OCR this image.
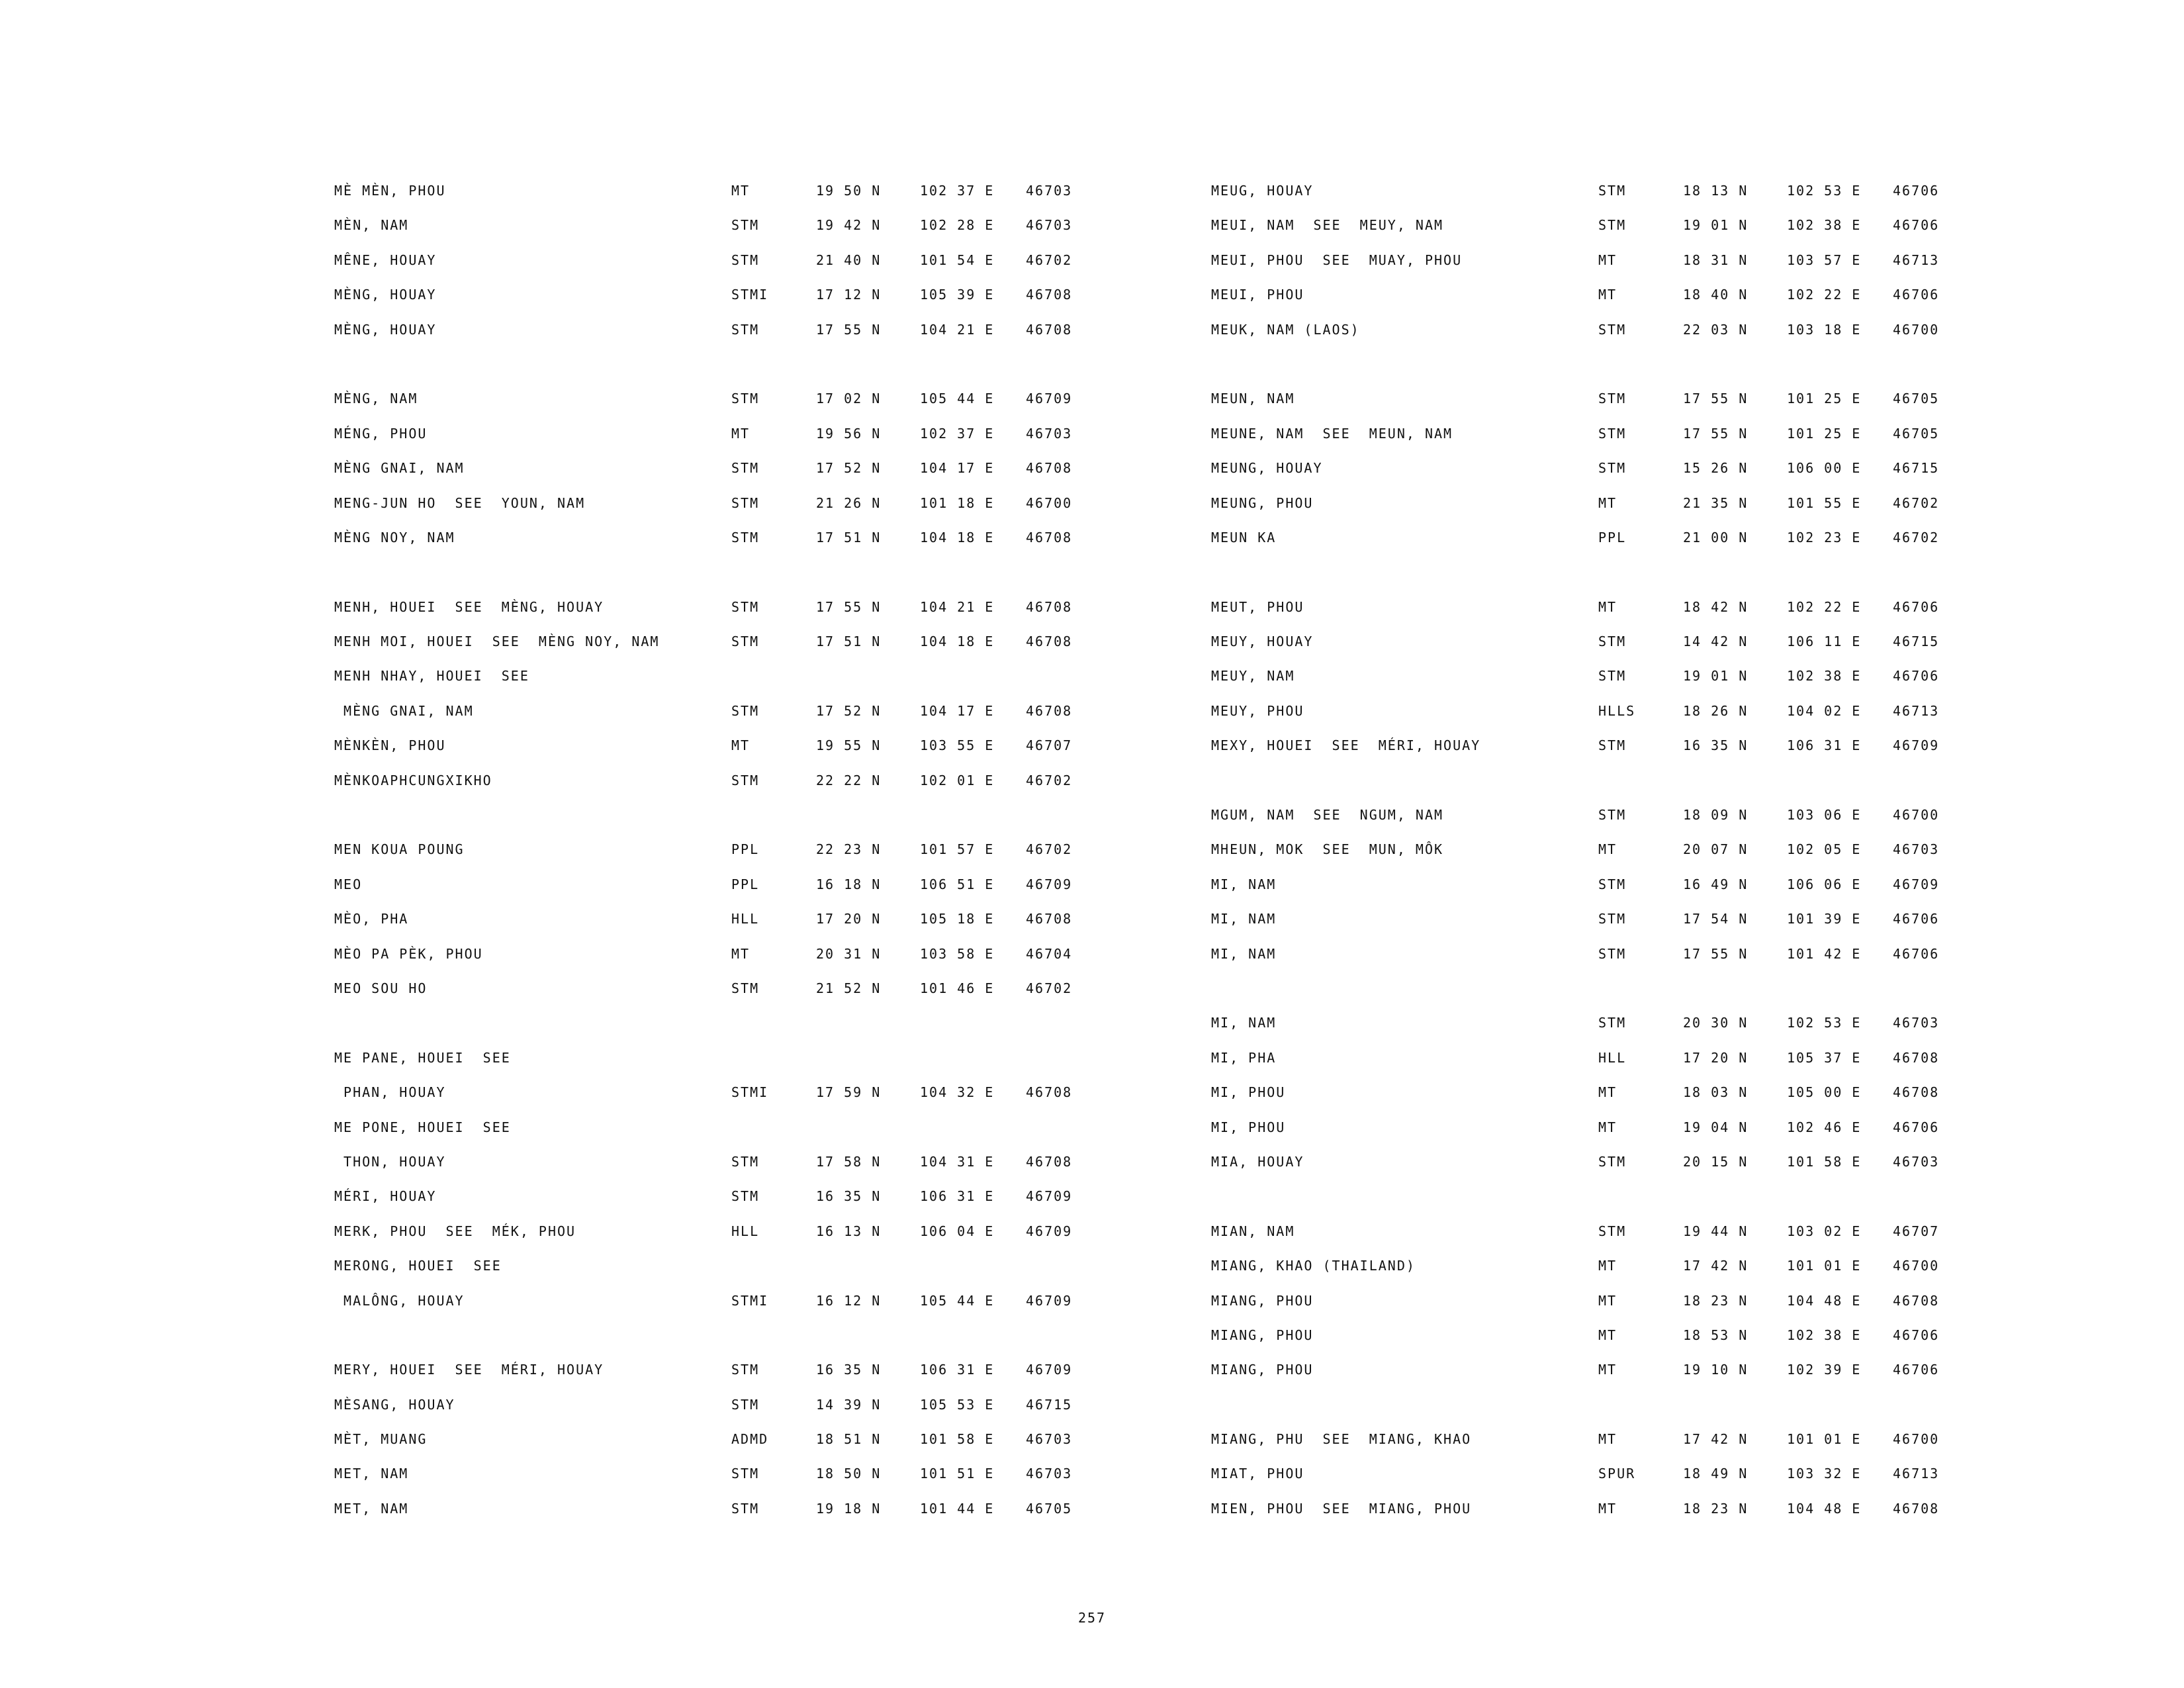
MÈ MÈN, PHOU	MT	19 50 N	102 37 E 46703
MÈN, NAM	STM	19 42 N	102 28 E 46703
MÊNE, HOUAY	STM	21 40 N	101 54 E 46702
MÈNG, HOUAY	STMI	17 12 N	105 39 E 46708
MÈNG, HOUAY	STM	17 55 N	104 21 E 46708
MÈNG, NAM	STM	17 02 N	105 44 E 46709
MÉNG, PHOU	MT	19 56 N	102 37 E 46703
MÈNG GNAI, NAM	STM	17 52 N	104 17 E 46708
MENG-JUN HO  SEE  YOUN, NAM	STM	21 26 N	101 18 E 46700
MÈNG NOY, NAM	STM	17 51 N	104 18 E 46708
MENH, HOUEI  SEE  MÈNG, HOUAY	STM	17 55 N	104 21 E 46708
MENH MOI, HOUEI  SEE  MÈNG NOY, NAM	STM	17 51 N	104 18 E 46708
MENH NHAY, HOUEI  SEE
MÈNG GNAI, NAM	STM	17 52 N	104 17 E 46708
MÈNKÈN, PHOU	MT	19 55 N	103 55 E 46707
MÈNKOAPHCUNGXIKHO	STM	22 22 N	102 01 E 46702
MEN KOUA POUNG	PPL	22 23 N	101 57 E 46702
MEO	PPL	16 18 N	106 51 E 46709
MÈO, PHA	HLL	17 20 N	105 18 E 46708
MÈO PA PÈK, PHOU	MT	20 31 N	103 58 E 46704
MEO SOU HO	STM	21 52 N	101 46 E 46702
ME PANE, HOUEI  SEE
PHAN, HOUAY	STMI	17 59 N	104 32 E 46708
ME PONE, HOUEI  SEE
THON, HOUAY	STM	17 58 N	104 31 E 46708
MÉRI, HOUAY	STM	16 35 N	106 31 E 46709
MERK, PHOU  SEE  MÉK, PHOU	HLL	16 13 N	106 04 E 46709
MERONG, HOUEI  SEE
MALÔNG, HOUAY	STMI	16 12 N	105 44 E 46709
MERY, HOUEI  SEE  MÉRI, HOUAY	STM	16 35 N	106 31 E 46709
MÈSANG, HOUAY	STM	14 39 N	105 53 E 46715
MÈT, MUANG	ADMD	18 51 N	101 58 E 46703
MET, NAM	STM	18 50 N	101 51 E 46703
MET, NAM	STM	19 18 N	101 44 E 46705
MEUG, HOUAY	STM	18 13 N	102 53 E 46706
MEUI, NAM  SEE  MEUY, NAM	STM	19 01 N	102 38 E 46706
MEUI, PHOU  SEE  MUAY, PHOU	MT	18 31 N	103 57 E 46713
MEUI, PHOU	MT	18 40 N	102 22 E 46706
MEUK, NAM (LAOS)	STM	22 03 N	103 18 E 46700
MEUN, NAM	STM	17 55 N	101 25 E 46705
MEUNE, NAM  SEE  MEUN, NAM	STM	17 55 N	101 25 E 46705
MEUNG, HOUAY	STM	15 26 N	106 00 E 46715
MEUNG, PHOU	MT	21 35 N	101 55 E 46702
MEUN KA	PPL	21 00 N	102 23 E 46702
MEUT, PHOU	MT	18 42 N	102 22 E 46706
MEUY, HOUAY	STM	14 42 N	106 11 E 46715
MEUY, NAM	STM	19 01 N	102 38 E 46706
MEUY, PHOU	HLLS	18 26 N	104 02 E 46713
MEXY, HOUEI  SEE  MÉRI, HOUAY	STM	16 35 N	106 31 E 46709
MGUM, NAM  SEE  NGUM, NAM	STM	18 09 N	103 06 E 46700
MHEUN, MOK  SEE  MUN, MÔK	MT	20 07 N	102 05 E 46703
MI, NAM	STM	16 49 N	106 06 E 46709
MI, NAM	STM	17 54 N	101 39 E 46706
MI, NAM	STM	17 55 N	101 42 E 46706
MI, NAM	STM	20 30 N	102 53 E 46703
MI, PHA	HLL	17 20 N	105 37 E 46708
MI, PHOU	MT	18 03 N	105 00 E 46708
MI, PHOU	MT	19 04 N	102 46 E 46706
MIA, HOUAY	STM	20 15 N	101 58 E 46703
MIAN, NAM	STM	19 44 N	103 02 E 46707
MIANG, KHAO (THAILAND)	MT	17 42 N	101 01 E 46700
MIANG, PHOU	MT	18 23 N	104 48 E 46708
MIANG, PHOU	MT	18 53 N	102 38 E 46706
MIANG, PHOU	MT	19 10 N	102 39 E 46706
MIANG, PHU  SEE  MIANG, KHAO	MT	17 42 N	101 01 E 46700
MIAT, PHOU	SPUR	18 49 N	103 32 E 46713
MIEN, PHOU  SEE  MIANG, PHOU	MT	18 23 N	104 48 E 46708
257
